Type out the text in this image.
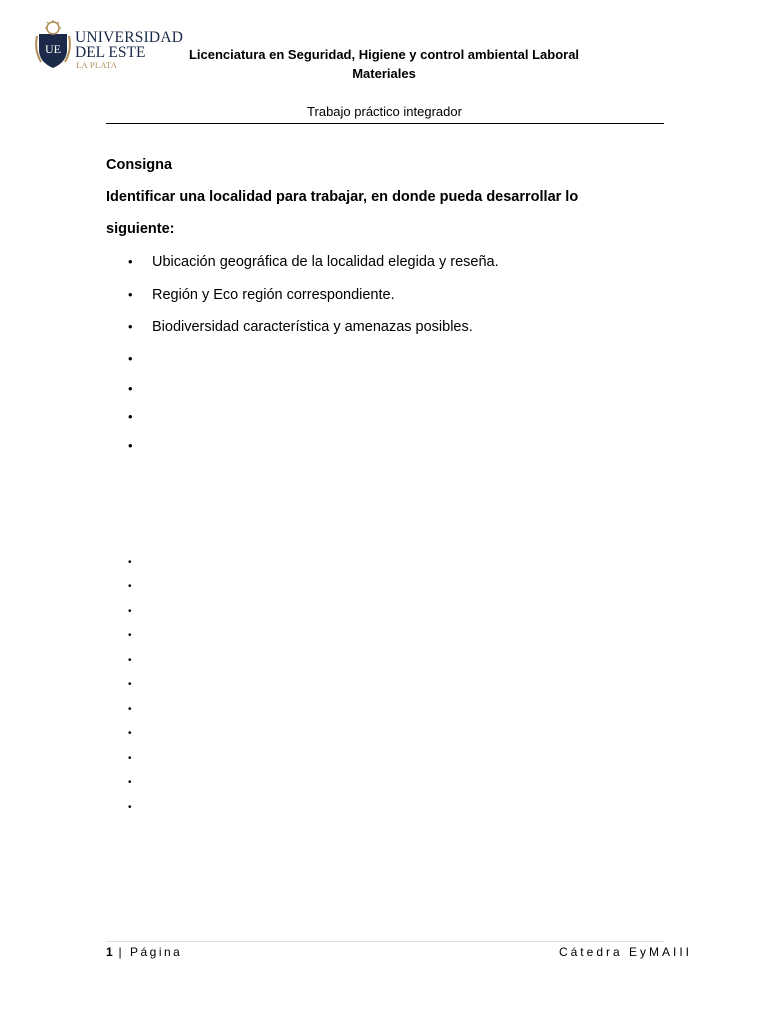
UE
UNIVERSIDAD
DEL ESTE
LA PLATA
Licenciatura en Seguridad, Higiene y control ambiental Laboral
Materiales
Trabajo práctico integrador
Consigna
Identificar una localidad para trabajar, en donde pueda desarrollar lo
siguiente:
• Ubicación geográfica de la localidad elegida y reseña.
• Región y Eco región correspondiente.
• Biodiversidad característica y amenazas posibles.
•
•
•
•
•
•
•
•
•
•
•
•
•
•
•
1 | Página	Cátedra EyMAIII
